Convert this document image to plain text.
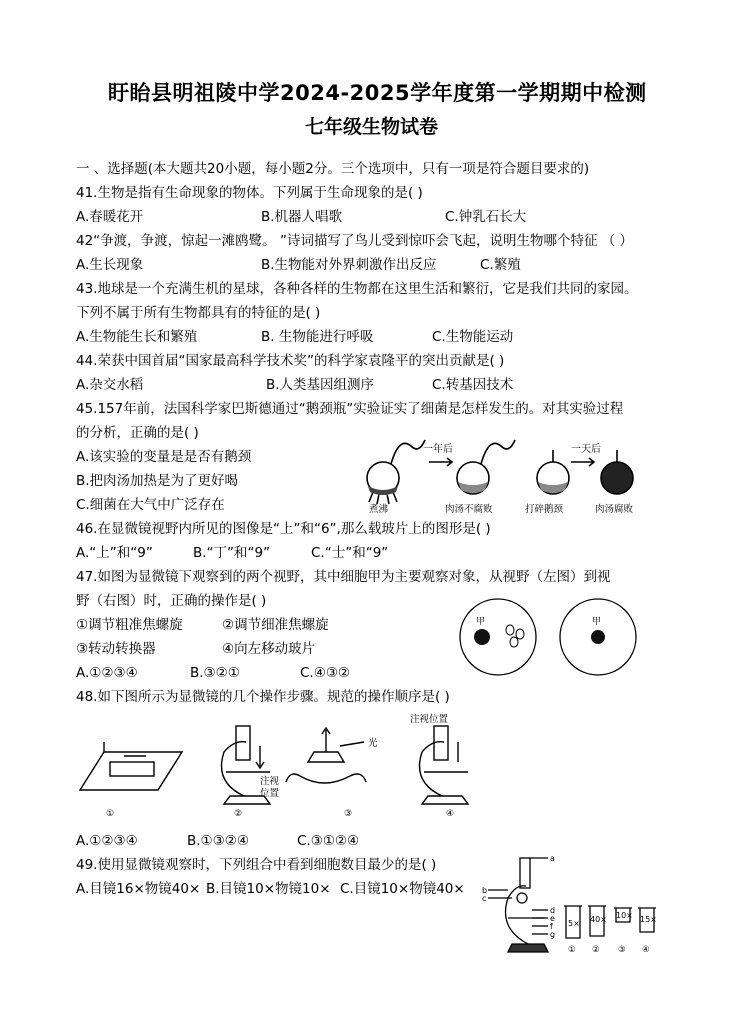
盱眙县明祖陵中学2024-2025学年度第一学期期中检测
七年级生物试卷
一 、选择题(本大题共20小题，每小题2分。三个选项中，只有一项是符合题目要求的)
41.生物是指有生命现象的物体。下列属于生命现象的是( )
A.春暖花开	B.机器人唱歌	C.钟乳石长大
42“争渡，争渡，惊起一滩鸥鹭。 ”诗词描写了鸟儿受到惊吓会飞起，说明生物哪个特征 （ ）
A.生长现象	B.生物能对外界刺激作出反应	C.繁殖
43.地球是一个充满生机的星球，各种各样的生物都在这里生活和繁衍，它是我们共同的家园。
下列不属于所有生物都具有的特征的是( )
A.生物能生长和繁殖	B. 生物能进行呼吸	C.生物能运动
44.荣获中国首届“国家最高科学技术奖”的科学家袁隆平的突出贡献是( )
A.杂交水稻	B.人类基因组测序	C.转基因技术
45.157年前，法国科学家巴斯德通过“鹅颈瓶”实验证实了细菌是怎样发生的。对其实验过程
的分析，正确的是( )
A.该实验的变量是是否有鹅颈
B.把肉汤加热是为了更好喝
C.细菌在大气中广泛存在
一年后	一天后
煮沸	肉汤不腐败	打碎鹅颈	肉汤腐败
46.在显微镜视野内所见的图像是“上”和“6”,那么载玻片上的图形是( )
A.“上”和“9”	B.“丁”和“9”	C.“士”和“9”
47.如图为显微镜下观察到的两个视野，其中细胞甲为主要观察对象，从视野（左图）到视
野（右图）时，正确的操作是( )
①调节粗准焦螺旋	②调节细准焦螺旋
③转动转换器	④向左移动玻片
A.①②③④	B.③②①	C.④③②
甲	甲
48.如下图所示为显微镜的几个操作步骤。规范的操作顺序是( )
注视
位置
光
注视位置
①	②	③	④
A.①②③④	B.①③②④	C.③①②④
49.使用显微镜观察时，下列组合中看到细胞数目最少的是( )
A.目镜16×物镜40× B.目镜10×物镜10× C.目镜10×物镜40×
a
b
c
d
e
f
g
5× 40× 10× 15×
① ② ③ ④
